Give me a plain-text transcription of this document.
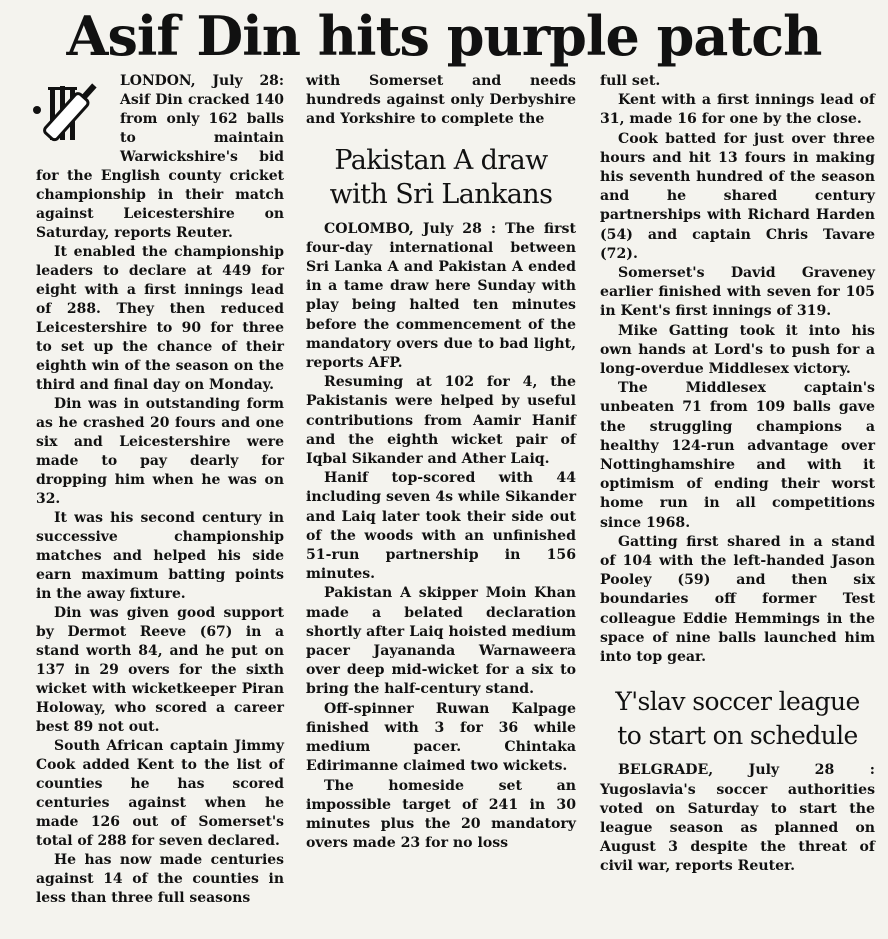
Asif Din hits purple patch

LONDON, July 28: Asif Din cracked 140 from only 162 balls to maintain Warwickshire's bid for the English county cricket championship in their match against Leicestershire on Saturday, reports Reuter.

It enabled the championship leaders to declare at 449 for eight with a first innings lead of 288. They then reduced Leicestershire to 90 for three to set up the chance of their eighth win of the season on the third and final day on Monday.

Din was in outstanding form as he crashed 20 fours and one six and Leicestershire were made to pay dearly for dropping him when he was on 32.

It was his second century in successive championship matches and helped his side earn maximum batting points in the away fixture.

Din was given good support by Dermot Reeve (67) in a stand worth 84, and he put on 137 in 29 overs for the sixth wicket with wicketkeeper Piran Holoway, who scored a career best 89 not out.

South African captain Jimmy Cook added Kent to the list of counties he has scored centuries against when he made 126 out of Somerset's total of 288 for seven declared.

He has now made centuries against 14 of the counties in less than three full seasons

with Somerset and needs hundreds against only Derbyshire and Yorkshire to complete the

Pakistan A draw with Sri Lankans

COLOMBO, July 28 : The first four-day international between Sri Lanka A and Pakistan A ended in a tame draw here Sunday with play being halted ten minutes before the commencement of the mandatory overs due to bad light, reports AFP.

Resuming at 102 for 4, the Pakistanis were helped by useful contributions from Aamir Hanif and the eighth wicket pair of Iqbal Sikander and Ather Laiq.

Hanif top-scored with 44 including seven 4s while Sikander and Laiq later took their side out of the woods with an unfinished 51-run partnership in 156 minutes.

Pakistan A skipper Moin Khan made a belated declaration shortly after Laiq hoisted medium pacer Jayananda Warnaweera over deep mid-wicket for a six to bring the half-century stand.

Off-spinner Ruwan Kalpage finished with 3 for 36 while medium pacer. Chintaka Edirimanne claimed two wickets.

The homeside set an impossible target of 241 in 30 minutes plus the 20 mandatory overs made 23 for no loss

full set.

Kent with a first innings lead of 31, made 16 for one by the close.

Cook batted for just over three hours and hit 13 fours in making his seventh hundred of the season and he shared century partnerships with Richard Harden (54) and captain Chris Tavare (72).

Somerset's David Graveney earlier finished with seven for 105 in Kent's first innings of 319.

Mike Gatting took it into his own hands at Lord's to push for a long-overdue Middlesex victory.

The Middlesex captain's unbeaten 71 from 109 balls gave the struggling champions a healthy 124-run advantage over Nottinghamshire and with it optimism of ending their worst home run in all competitions since 1968.

Gatting first shared in a stand of 104 with the left-handed Jason Pooley (59) and then six boundaries off former Test colleague Eddie Hemmings in the space of nine balls launched him into top gear.

Y'slav soccer league to start on schedule

BELGRADE, July 28 : Yugoslavia's soccer authorities voted on Saturday to start the league season as planned on August 3 despite the threat of civil war, reports Reuter.
